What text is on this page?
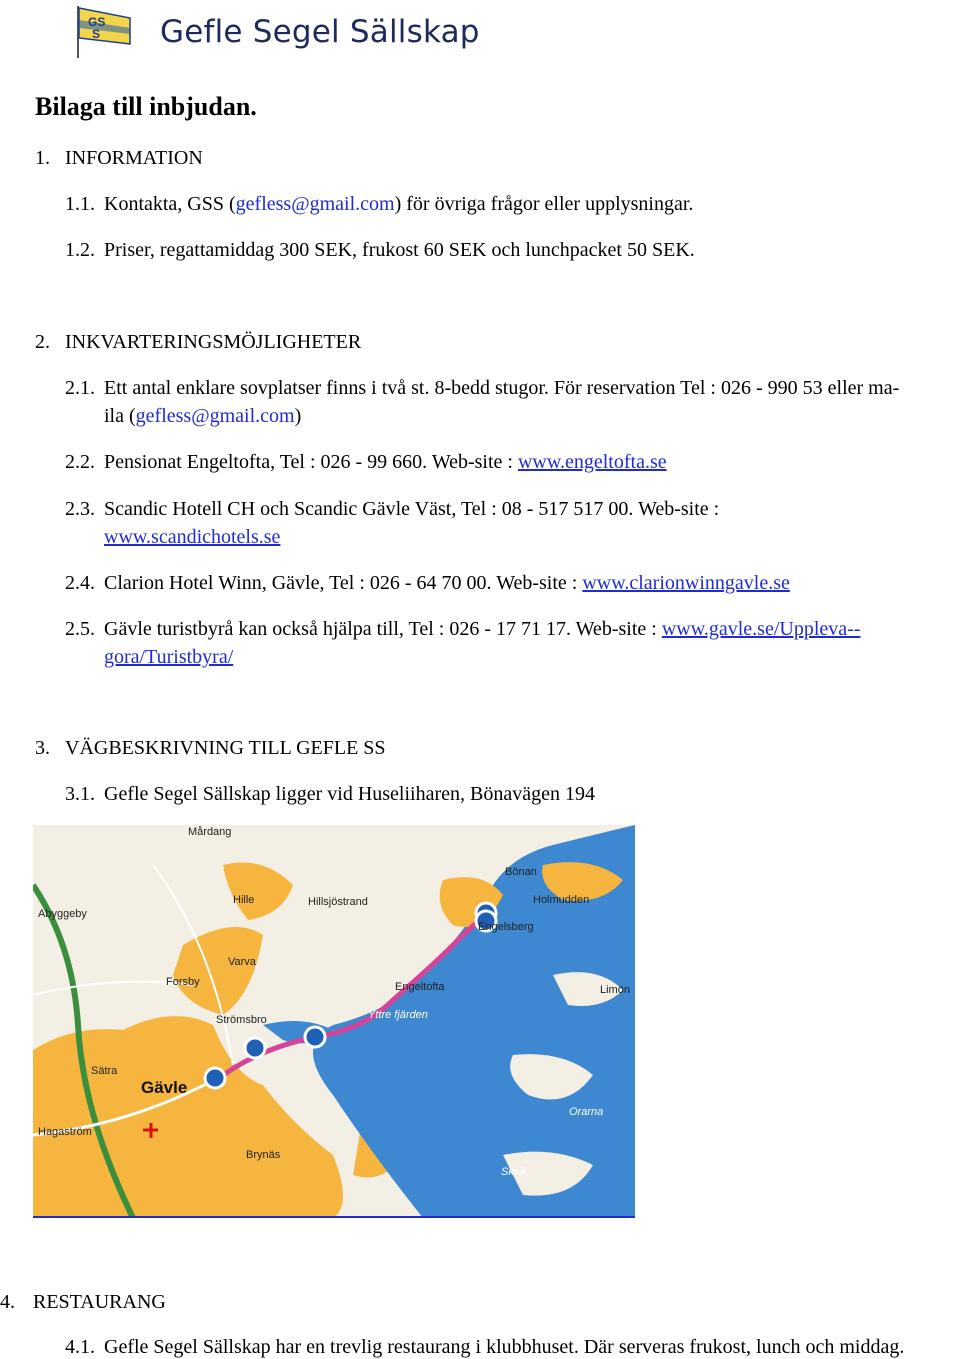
GS
S Gefle Segel Sällskap
Bilaga till inbjudan.
1. INFORMATION
1.1. Kontakta, GSS (gefless@gmail.com) för övriga frågor eller upplysningar.
1.2. Priser, regattamiddag 300 SEK, frukost 60 SEK och lunchpacket 50 SEK.
2. INKVARTERINGSMÖJLIGHETER
2.1. Ett antal enklare sovplatser finns i två st. 8-bedd stugor. För reservation Tel : 026 - 990 53 eller ma-
ila (gefless@gmail.com)
2.2. Pensionat Engeltofta, Tel : 026 - 99 660. Web-site : www.engeltofta.se
2.3. Scandic Hotell CH och Scandic Gävle Väst, Tel : 08 - 517 517 00. Web-site :
www.scandichotels.se
2.4. Clarion Hotel Winn, Gävle, Tel : 026 - 64 70 00. Web-site : www.clarionwinngavle.se
2.5. Gävle turistbyrå kan också hjälpa till, Tel : 026 - 17 71 17. Web-site : www.gavle.se/Uppleva--
gora/Turistbyra/
3. VÄGBESKRIVNING TILL GEFLE SS
3.1. Gefle Segel Sällskap ligger vid Huseliiharen, Bönavägen 194
Mårdang
Bönan
Abyggeby
Hille	Hillsjöstrand	Holmudden
Engelsberg
Varva
Forsby	Engeltofta	Limön
Strömsbro	Yttre fjärden
Sätra
Gävle
Hagaström
Orarna
Brynäs
Skvik
4. RESTAURANG
4.1. Gefle Segel Sällskap har en trevlig restaurang i klubbhuset. Där serveras frukost, lunch och middag.
